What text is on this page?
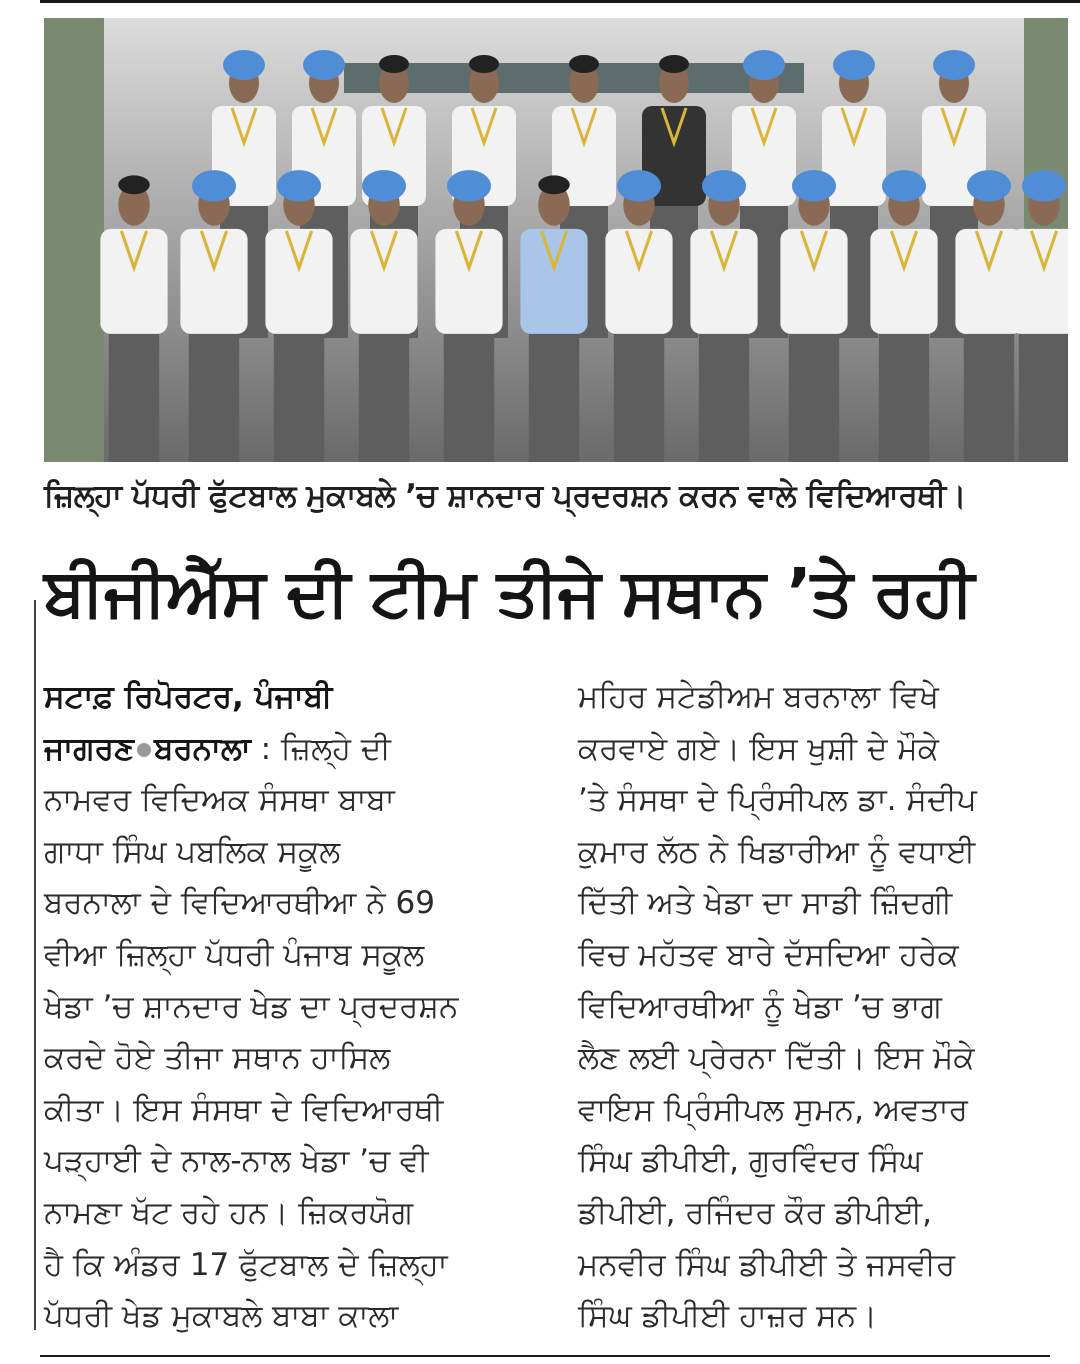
ਜ਼ਿਲ੍ਹਾ ਪੱਧਰੀ ਫੁੱਟਬਾਲ ਮੁਕਾਬਲੇ ’ਚ ਸ਼ਾਨਦਾਰ ਪ੍ਰਦਰਸ਼ਨ ਕਰਨ ਵਾਲੇ ਵਿਦਿਆਰਥੀ।
ਬੀਜੀਐੱਸ ਦੀ ਟੀਮ ਤੀਜੇ ਸਥਾਨ ’ਤੇ ਰਹੀ
ਸਟਾਫ਼ ਰਿਪੋਰਟਰ, ਪੰਜਾਬੀ
ਜਾਗਰਣ ਬਰਨਾਲਾ : ਜ਼ਿਲ੍ਹੇ ਦੀ
ਨਾਮਵਰ ਵਿਦਿਅਕ ਸੰਸਥਾ ਬਾਬਾ
ਗਾਧਾ ਸਿੰਘ ਪਬਲਿਕ ਸਕੂਲ
ਬਰਨਾਲਾ ਦੇ ਵਿਦਿਆਰਥੀਆ ਨੇ 69
ਵੀਆ ਜ਼ਿਲ੍ਹਾ ਪੱਧਰੀ ਪੰਜਾਬ ਸਕੂਲ
ਖੇਡਾ ’ਚ ਸ਼ਾਨਦਾਰ ਖੇਡ ਦਾ ਪ੍ਰਦਰਸ਼ਨ
ਕਰਦੇ ਹੋਏ ਤੀਜਾ ਸਥਾਨ ਹਾਸਿਲ
ਕੀਤਾ। ਇਸ ਸੰਸਥਾ ਦੇ ਵਿਦਿਆਰਥੀ
ਪੜ੍ਹਾਈ ਦੇ ਨਾਲ-ਨਾਲ ਖੇਡਾ ’ਚ ਵੀ
ਨਾਮਣਾ ਖੱਟ ਰਹੇ ਹਨ। ਜ਼ਿਕਰਯੋਗ
ਹੈ ਕਿ ਅੰਡਰ 17 ਫੁੱਟਬਾਲ ਦੇ ਜ਼ਿਲ੍ਹਾ
ਪੱਧਰੀ ਖੇਡ ਮੁਕਾਬਲੇ ਬਾਬਾ ਕਾਲਾ
ਮਹਿਰ ਸਟੇਡੀਅਮ ਬਰਨਾਲਾ ਵਿਖੇ
ਕਰਵਾਏ ਗਏ। ਇਸ ਖੁਸ਼ੀ ਦੇ ਮੌਕੇ
’ਤੇ ਸੰਸਥਾ ਦੇ ਪ੍ਰਿੰਸੀਪਲ ਡਾ. ਸੰਦੀਪ
ਕੁਮਾਰ ਲੱਠ ਨੇ ਖਿਡਾਰੀਆ ਨੂੰ ਵਧਾਈ
ਦਿੱਤੀ ਅਤੇ ਖੇਡਾ ਦਾ ਸਾਡੀ ਜ਼ਿੰਦਗੀ
ਵਿਚ ਮਹੱਤਵ ਬਾਰੇ ਦੱਸਦਿਆ ਹਰੇਕ
ਵਿਦਿਆਰਥੀਆ ਨੂੰ ਖੇਡਾ ’ਚ ਭਾਗ
ਲੈਣ ਲਈ ਪ੍ਰੇਰਨਾ ਦਿੱਤੀ। ਇਸ ਮੌਕੇ
ਵਾਇਸ ਪ੍ਰਿੰਸੀਪਲ ਸੁਮਨ, ਅਵਤਾਰ
ਸਿੰਘ ਡੀਪੀਈ, ਗੁਰਵਿੰਦਰ ਸਿੰਘ
ਡੀਪੀਈ, ਰਜਿੰਦਰ ਕੌਰ ਡੀਪੀਈ,
ਮਨਵੀਰ ਸਿੰਘ ਡੀਪੀਈ ਤੇ ਜਸਵੀਰ
ਸਿੰਘ ਡੀਪੀਈ ਹਾਜ਼ਰ ਸਨ।
